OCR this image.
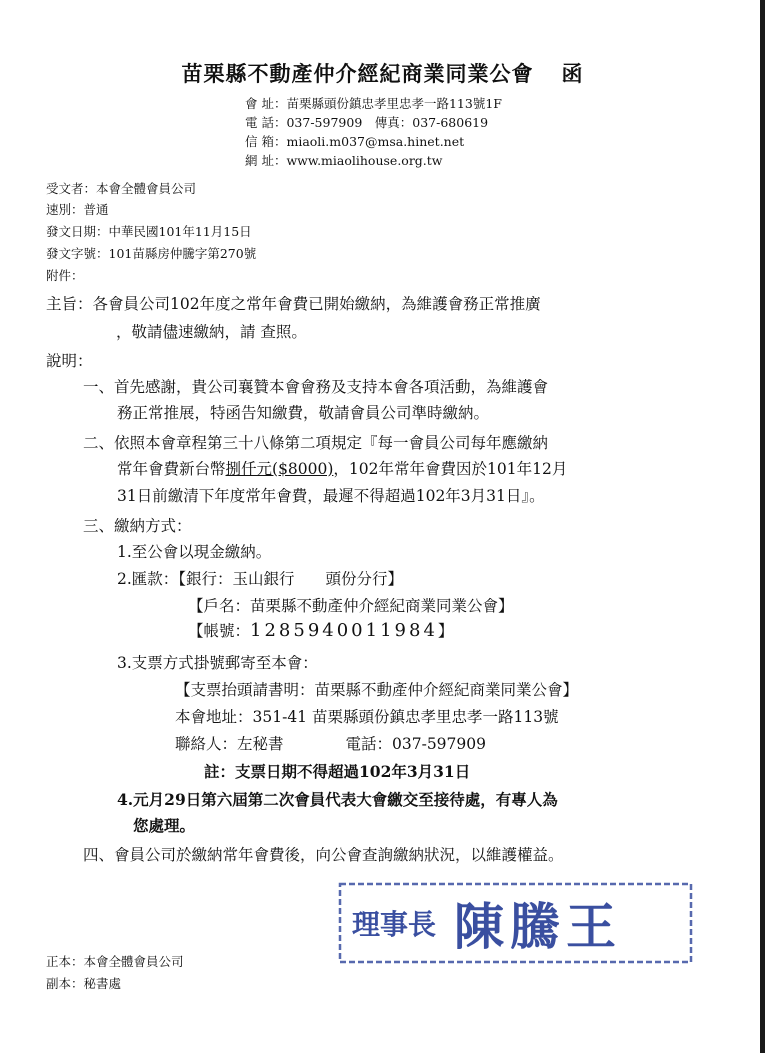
苗栗縣不動產仲介經紀商業同業公會 函
會 址：苗栗縣頭份鎮忠孝里忠孝一路113號1F
電 話：037-597909　傳真：037-680619
信 箱：miaoli.m037@msa.hinet.net
網 址：www.miaolihouse.org.tw
受文者：本會全體會員公司
速別：普通
發文日期：中華民國101年11月15日
發文字號：101苗縣房仲騰字第270號
附件：
主旨：各會員公司102年度之常年會費已開始繳納，為維護會務正常推廣
，敬請儘速繳納，請 查照。
說明：
一、首先感謝，貴公司襄贊本會會務及支持本會各項活動，為維護會
務正常推展，特函告知繳費，敬請會員公司準時繳納。
二、依照本會章程第三十八條第二項規定『每一會員公司每年應繳納
常年會費新台幣捌仟元($8000)，102年常年會費因於101年12月
31日前繳清下年度常年會費，最遲不得超過102年3月31日』。
三、繳納方式：
1.至公會以現金繳納。
2.匯款：【銀行：玉山銀行　　頭份分行】
【戶名：苗栗縣不動產仲介經紀商業同業公會】
【帳號：1285940011984】
3.支票方式掛號郵寄至本會：
【支票抬頭請書明：苗栗縣不動產仲介經紀商業同業公會】
本會地址：351-41 苗栗縣頭份鎮忠孝里忠孝一路113號
聯絡人：左秘書　　　　電話：037-597909
註：支票日期不得超過102年3月31日
4.元月29日第六屆第二次會員代表大會繳交至接待處，有專人為
您處理。
四、會員公司於繳納常年會費後，向公會查詢繳納狀況，以維護權益。
理事長 陳騰王
正本：本會全體會員公司
副本：秘書處
